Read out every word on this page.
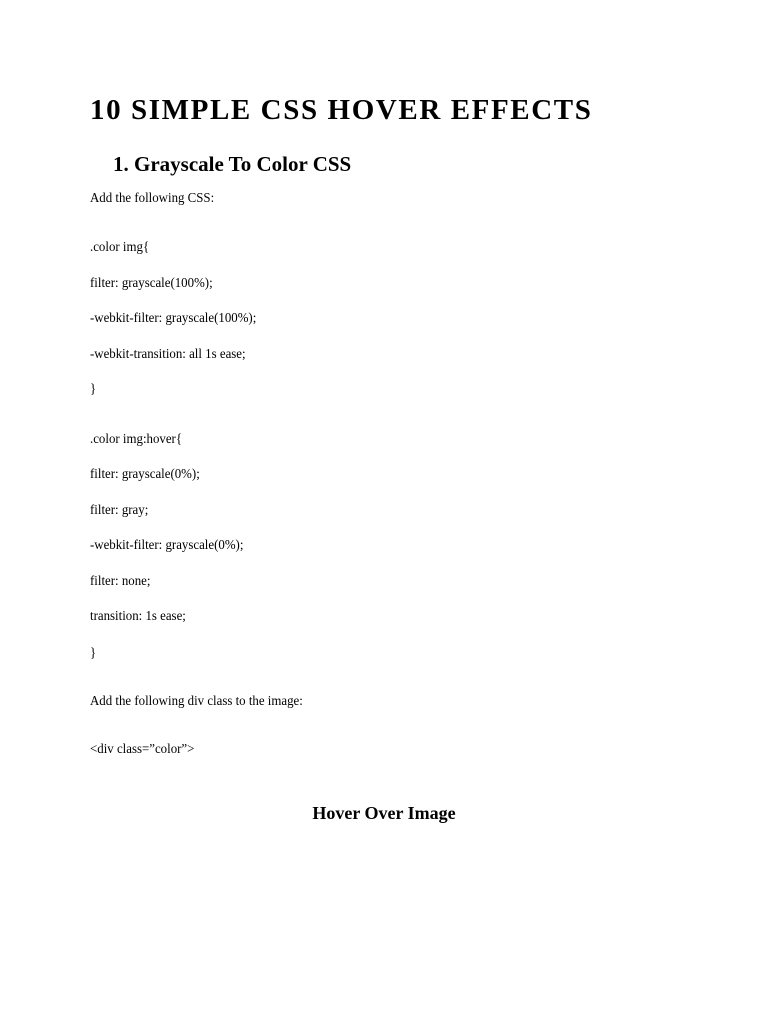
10 SIMPLE CSS HOVER EFFECTS
1. Grayscale To Color CSS

Add the following CSS:

.color img{

filter: grayscale(100%);

-webkit-filter: grayscale(100%);

-webkit-transition: all 1s ease;

}

.color img:hover{

filter: grayscale(0%);

filter: gray;

-webkit-filter: grayscale(0%);

filter: none;

transition: 1s ease;

}

Add the following div class to the image:

<div class=”color”>

Hover Over Image
